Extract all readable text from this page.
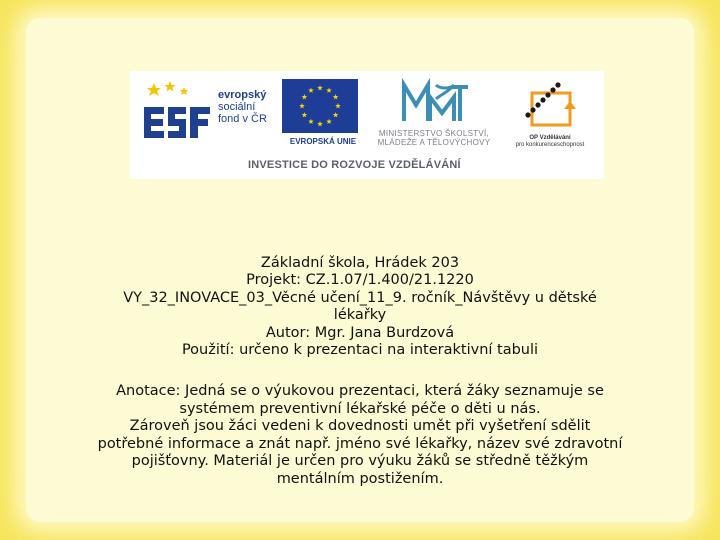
evropský
sociální
fond v ČR
EVROPSKÁ UNIE
MINISTERSTVO ŠKOLSTVÍ,
MLÁDEŽE A TĚLOVÝCHOVY	OP Vzdělávání
pro konkurenceschopnost
INVESTICE DO ROZVOJE VZDĚLÁVÁNÍ

Základní škola, Hrádek 203

Projekt: CZ.1.07/1.400/21.1220

VY_32_INOVACE_03_Věcné učení_11_9. ročník_Návštěvy u dětské lékařky

Autor: Mgr. Jana Burdzová

Použití: určeno k prezentaci na interaktivní tabuli

Anotace: Jedná se o výukovou prezentaci, která žáky seznamuje se systémem preventivní lékařské péče o děti u nás.

Zároveň jsou žáci vedeni k dovednosti umět při vyšetření sdělit potřebné informace a znát např. jméno své lékařky, název své zdravotní pojišťovny. Materiál je určen pro výuku žáků se středně těžkým mentálním postižením.
